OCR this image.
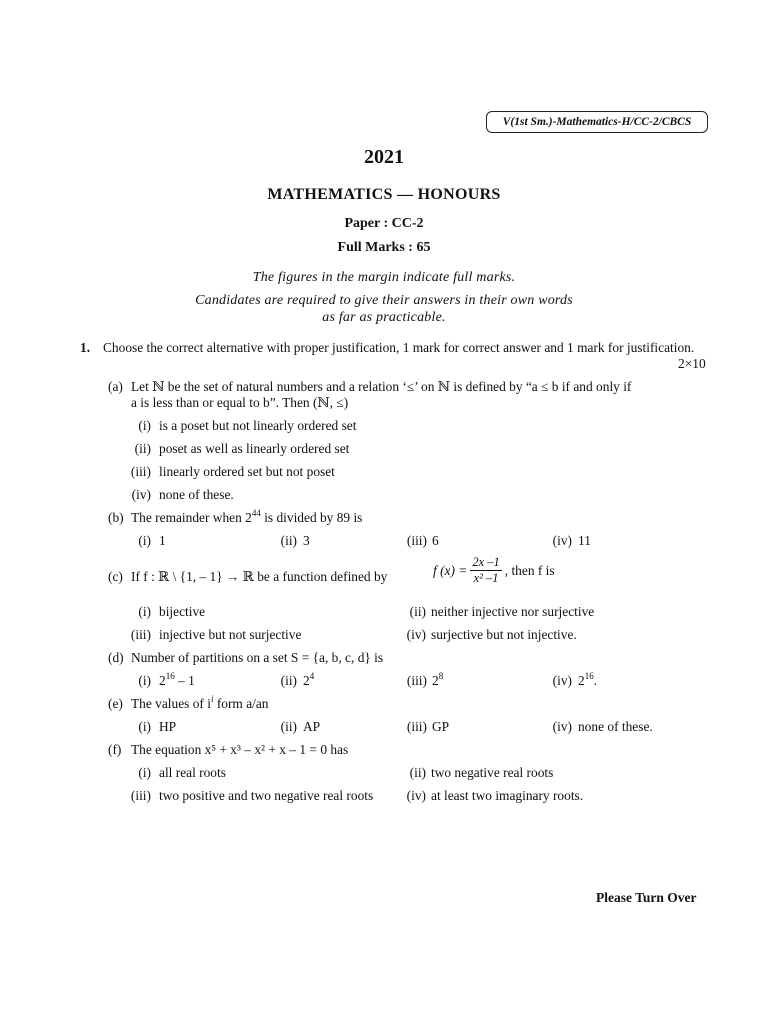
V(1st Sm.)-Mathematics-H/CC-2/CBCS
2021
MATHEMATICS — HONOURS
Paper : CC-2
Full Marks : 65
The figures in the margin indicate full marks.
Candidates are required to give their answers in their own words
as far as practicable.
1. Choose the correct alternative with proper justification, 1 mark for correct answer and 1 mark for justification.
2×10
(a) Let ℕ be the set of natural numbers and a relation ‘≤’ on ℕ is defined by “a ≤ b if and only if
a is less than or equal to b”. Then (ℕ, ≤)
(i) is a poset but not linearly ordered set
(ii) poset as well as linearly ordered set
(iii) linearly ordered set but not poset
(iv) none of these.
(b) The remainder when $2^{44}$ is divided by 89 is
(i) 1	(ii) 3	(iii) 6	(iv) 11
(c) If f : ℝ \ {1, – 1} → ℝ be a function defined by	f $(x) = \frac{2x -1}{\text{x² –1}}$ , then f is
(i) bijective	(ii) neither injective nor surjective
(iii) injective but not surjective	(iv) surjective but not injective.
(d) Number of partitions on a set S = {a, b, c, d} is
(i) $2^{16} - 1$	(ii) $2^4$	(iii) $2^8$	(iv) $2^{16}$.
(e) The values of $i^i$ form a/an
(i) HP	(ii) AP	(iii) GP	(iv) none of these.
(f) The equation x⁵ + x³ – x² + x – 1 = 0 has
(i) all real roots	(ii) two negative real roots
(iii) two positive and two negative real roots	(iv) at least two imaginary roots.
Please Turn Over
